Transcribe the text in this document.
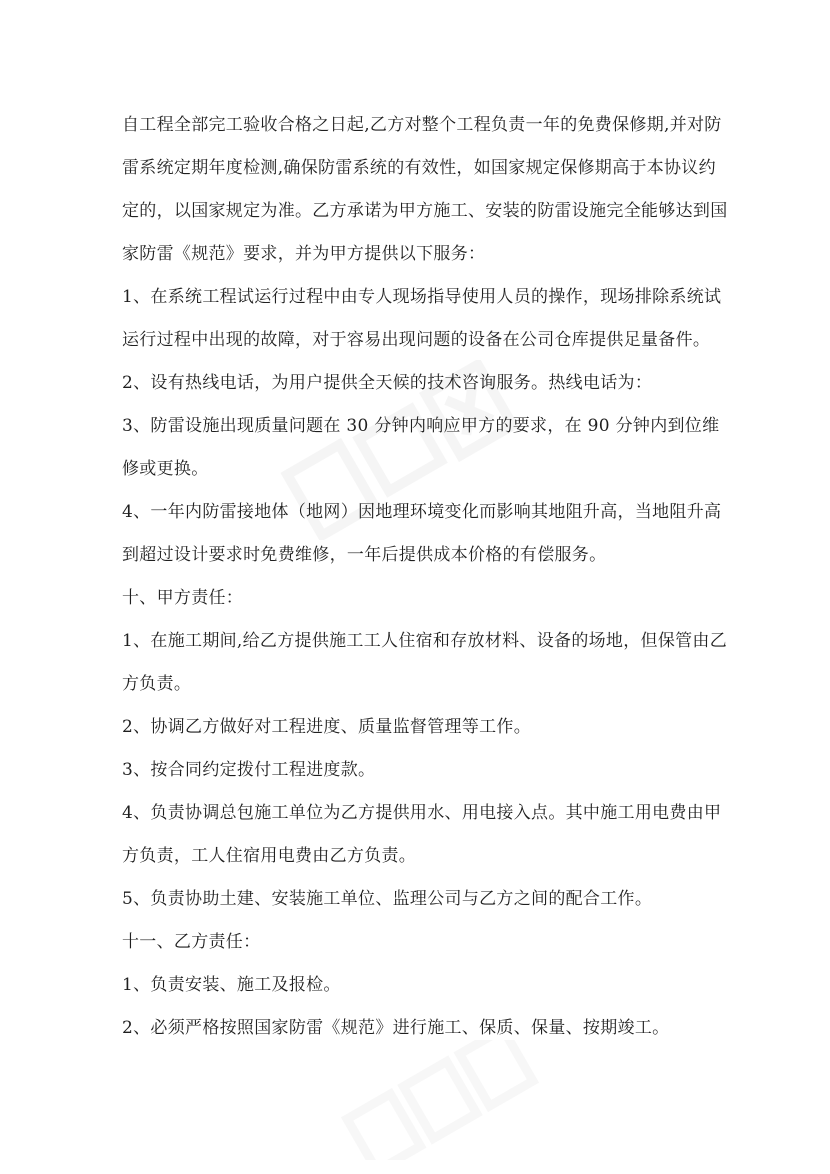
自工程全部完工验收合格之日起,乙方对整个工程负责一年的免费保修期,并对防雷系统定期年度检测,确保防雷系统的有效性，如国家规定保修期高于本协议约定的，以国家规定为准。乙方承诺为甲方施工、安装的防雷设施完全能够达到国家防雷《规范》要求，并为甲方提供以下服务：

1、在系统工程试运行过程中由专人现场指导使用人员的操作，现场排除系统试运行过程中出现的故障，对于容易出现问题的设备在公司仓库提供足量备件。

2、设有热线电话，为用户提供全天候的技术咨询服务。热线电话为：

3、防雷设施出现质量问题在 30 分钟内响应甲方的要求，在 90 分钟内到位维修或更换。

4、一年内防雷接地体（地网）因地理环境变化而影响其地阻升高，当地阻升高到超过设计要求时免费维修，一年后提供成本价格的有偿服务。

十、甲方责任：

1、在施工期间,给乙方提供施工工人住宿和存放材料、设备的场地，但保管由乙方负责。

2、协调乙方做好对工程进度、质量监督管理等工作。

3、按合同约定拨付工程进度款。

4、负责协调总包施工单位为乙方提供用水、用电接入点。其中施工用电费由甲方负责，工人住宿用电费由乙方负责。

5、负责协助土建、安装施工单位、监理公司与乙方之间的配合工作。

十一、乙方责任：

1、负责安装、施工及报检。

2、必须严格按照国家防雷《规范》进行施工、保质、保量、按期竣工。
